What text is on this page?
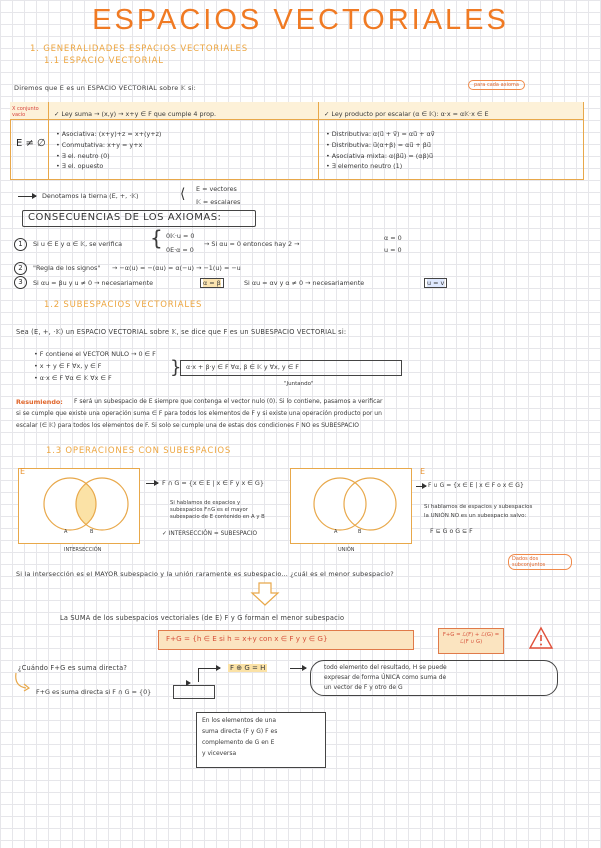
ESPACIOS VECTORIALES
1. GENERALIDADES ESPACIOS VECTORIALES
1.1 ESPACIO VECTORIAL
Diremos que E es un ESPACIO VECTORIAL sobre 𝕂 si:	para cada axioma
X conjunto vacío
E ≠ ∅
✓ Ley suma → (x,y) → x+y ∈ F que cumple 4 prop.
• Asociativa: (x+y)+z = x+(y+z)
• Conmutativa: x+y = y+x
• ∃ el. neutro (0)
• ∃ el. opuesto
✓ Ley producto por escalar (α ∈ 𝕂): α·x = α𝕂·x ∈ E
• Distributiva: α(u⃗ + v⃗) = αu⃗ + αv⃗
• Distributiva: u⃗(α+β) = αu⃗ + βu⃗
• Asociativa mixta: α(βu⃗) = (αβ)u⃗
• ∃ elemento neutro (1)
Denotamos la tierna (E, +, ·𝕂)	⟨ E = vectores
𝕂 = escalares
CONSECUENCIAS DE LOS AXIOMAS:
1	Si u ∈ E y α ∈ 𝕂, se verifica { 0𝕂·u = 0
0E·α = 0
→ Si αu = 0 entonces hay 2 →
α = 0
u = 0
2	"Regla de los signos" → −α(u) = −(αu) = α(−u) → −1(u) = −u
3	Si αu = βu y u ≠ 0 → necesariamente	α = β	Si αu = αv y α ≠ 0 → necesariamente	u = v
1.2 SUBESPACIOS VECTORIALES
Sea (E, +, ·𝕂) un ESPACIO VECTORIAL sobre 𝕂, se dice que F es un SUBESPACIO VECTORIAL si:
• F contiene el VECTOR NULO → 0 ∈ F
• x + y ∈ F ∀x, y ∈ F
• α·x ∈ F ∀α ∈ 𝕂 ∀x ∈ F	} α·x + β·y ∈ F ∀α, β ∈ 𝕂 y ∀x, y ∈ F
"Juntando"
Resumiendo: F será un subespacio de E siempre que contenga el vector nulo (0). Si lo contiene, pasamos a verificar
si se cumple que existe una operación suma ∈ F para todos los elementos de F y si existe una operación producto por un
escalar (∈ 𝕂) para todos los elementos de F. Si solo se cumple una de estas dos condiciones F NO es SUBESPACIO
1.3 OPERACIONES CON SUBESPACIOS
E
A	B
INTERSECCIÓN
F ∩ G = {x ∈ E | x ∈ F y x ∈ G}
Si hablamos de espacios y
subespacios F∩G es el mayor
subespacio de E contenido en A y B
✓ INTERSECCIÓN = SUBESPACIO	A	B
UNIÓN
E
F ∪ G = {x ∈ E | x ∈ F o x ∈ G}
Si hablamos de espacios y subespacios
la UNIÓN NO es un subespacio salvo:
F ⊆ G o G ⊆ F
Dados dos subconjuntos
Si la intersección es el MAYOR subespacio y la unión raramente es subespacio... ¿cuál es el menor subespacio?
La SUMA de los subespacios vectoriales (de E) F y G forman el menor subespacio
F+G = {h ∈ E si h = x+y con x ∈ F y y ∈ G}	F+G = ℒ(F) + ℒ(G) = ℒ(F ∪ G)
¿Cuándo F+G es suma directa?
F+G es suma directa si F ∩ G = {0}
F ⊕ G = H	todo elemento del resultado, H se puede
expresar de forma ÚNICA como suma de
un vector de F y otro de G
En los elementos de una
suma directa (F y G) F es
complemento de G en E
y viceversa
